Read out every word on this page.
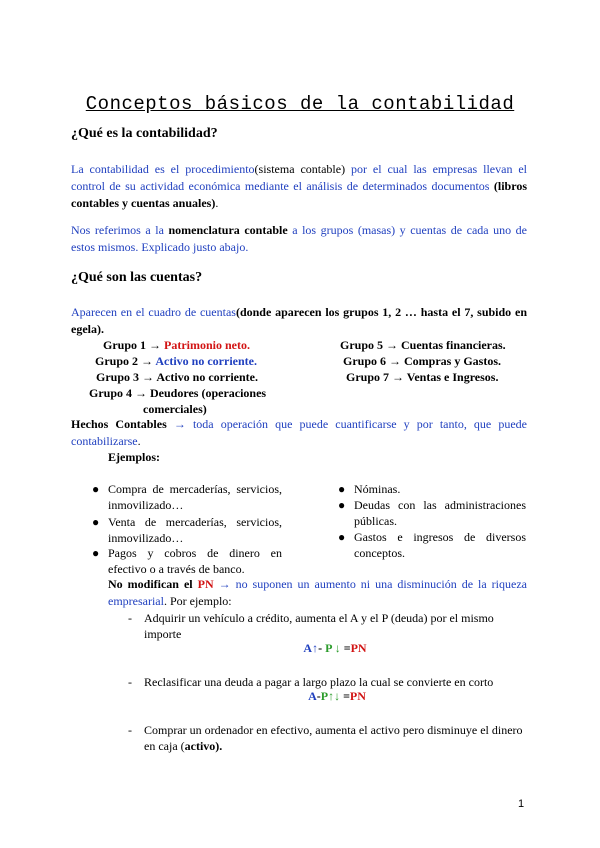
Conceptos básicos de la contabilidad
¿Qué es la contabilidad?
La contabilidad es el procedimiento(sistema contable) por el cual las empresas llevan el control de su actividad económica mediante el análisis de determinados documentos (libros contables y cuentas anuales).
Nos referimos a la nomenclatura contable a los grupos (masas) y cuentas de cada uno de estos mismos. Explicado justo abajo.
¿Qué son las cuentas?
Aparecen en el cuadro de cuentas(donde aparecen los grupos 1, 2 … hasta el 7, subido en egela).
Grupo 1 → Patrimonio neto.
Grupo 2 → Activo no corriente.
Grupo 3 → Activo no corriente.
Grupo 4 → Deudores (operaciones
comerciales)
Grupo 5 → Cuentas financieras.
Grupo 6 → Compras y Gastos.
Grupo 7 → Ventas e Ingresos.
Hechos Contables → toda operación que puede cuantificarse y por tanto, que puede contabilizarse.
Ejemplos:
● Compra de mercaderías, servicios, inmovilizado…
● Venta de mercaderías, servicios, inmovilizado…
● Pagos y cobros de dinero en efectivo o a través de banco.
● Nóminas.
● Deudas con las administraciones públicas.
● Gastos e ingresos de diversos conceptos.
No modifican el PN → no suponen un aumento ni una disminución de la riqueza empresarial. Por ejemplo:
- Adquirir un vehículo a crédito, aumenta el A y el P (deuda) por el mismo importe
A↑- P ↓ =PN
- Reclasificar una deuda a pagar a largo plazo la cual se convierte en corto
A-P↑↓ =PN
- Comprar un ordenador en efectivo, aumenta el activo pero disminuye el dinero en caja (activo).
1
